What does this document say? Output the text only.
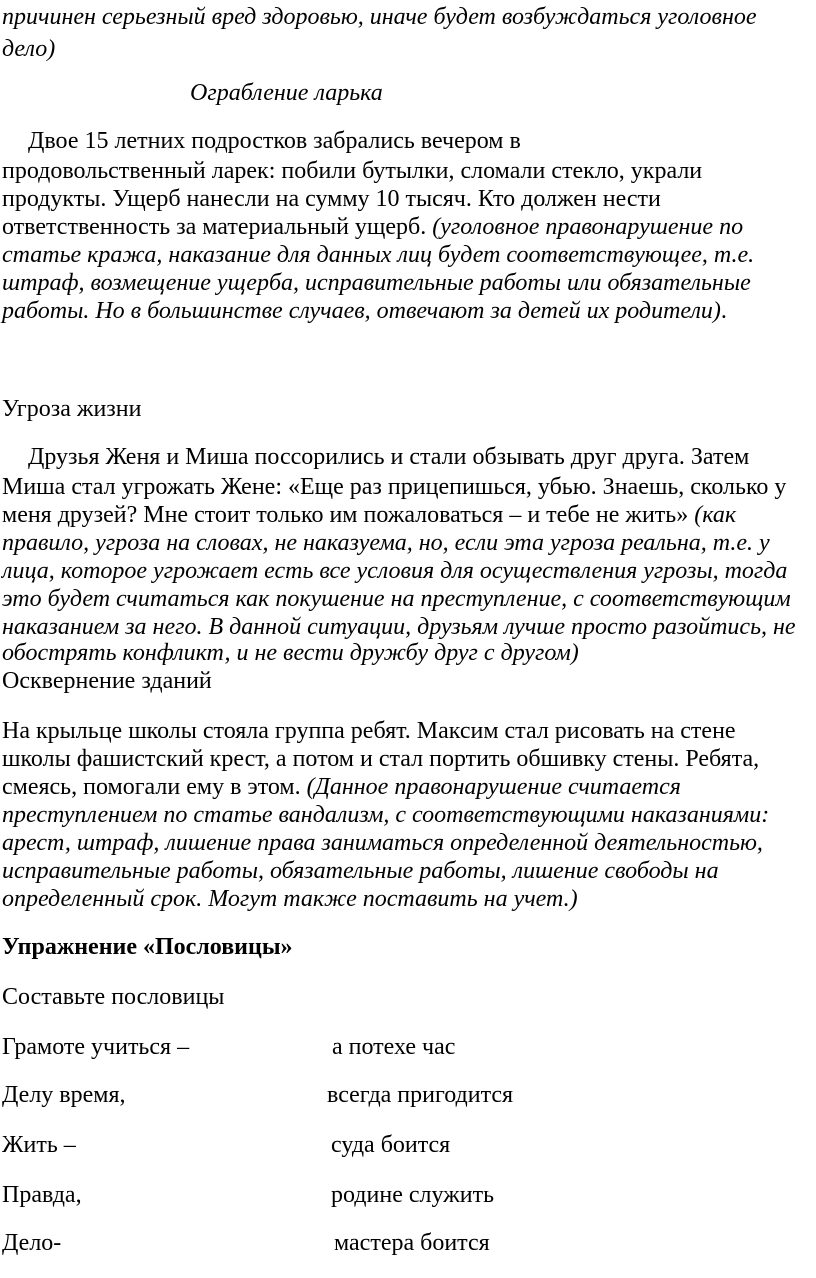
причинен серьезный вред здоровью, иначе будет возбуждаться уголовное
дело)
Ограбление ларька
Двое 15 летних подростков забрались вечером в
продовольственный ларек: побили бутылки, сломали стекло, украли
продукты. Ущерб нанесли на сумму 10 тысяч. Кто должен нести
ответственность за материальный ущерб. (уголовное правонарушение по
статье кража, наказание для данных лиц будет соответствующее, т.е.
штраф, возмещение ущерба, исправительные работы или обязательные
работы. Но в большинстве случаев, отвечают за детей их родители).
Угроза жизни
Друзья Женя и Миша поссорились и стали обзывать друг друга. Затем
Миша стал угрожать Жене: «Еще раз прицепишься, убью. Знаешь, сколько у
меня друзей? Мне стоит только им пожаловаться – и тебе не жить» (как
правило, угроза на словах, не наказуема, но, если эта угроза реальна, т.е. у
лица, которое угрожает есть все условия для осуществления угрозы, тогда
это будет считаться как покушение на преступление, с соответствующим
наказанием за него. В данной ситуации, друзьям лучше просто разойтись, не
обострять конфликт, и не вести дружбу друг с другом)
Осквернение зданий
На крыльце школы стояла группа ребят. Максим стал рисовать на стене
школы фашистский крест, а потом и стал портить обшивку стены. Ребята,
смеясь, помогали ему в этом. (Данное правонарушение считается
преступлением по статье вандализм, с соответствующими наказаниями:
арест, штраф, лишение права заниматься определенной деятельностью,
исправительные работы, обязательные работы, лишение свободы на
определенный срок. Могут также поставить на учет.)
Упражнение «Пословицы»
Составьте пословицы
Грамоте учиться –	а потехе час
Делу время,	всегда пригодится
Жить –	суда боится
Правда,	родине служить
Дело-	мастера боится
